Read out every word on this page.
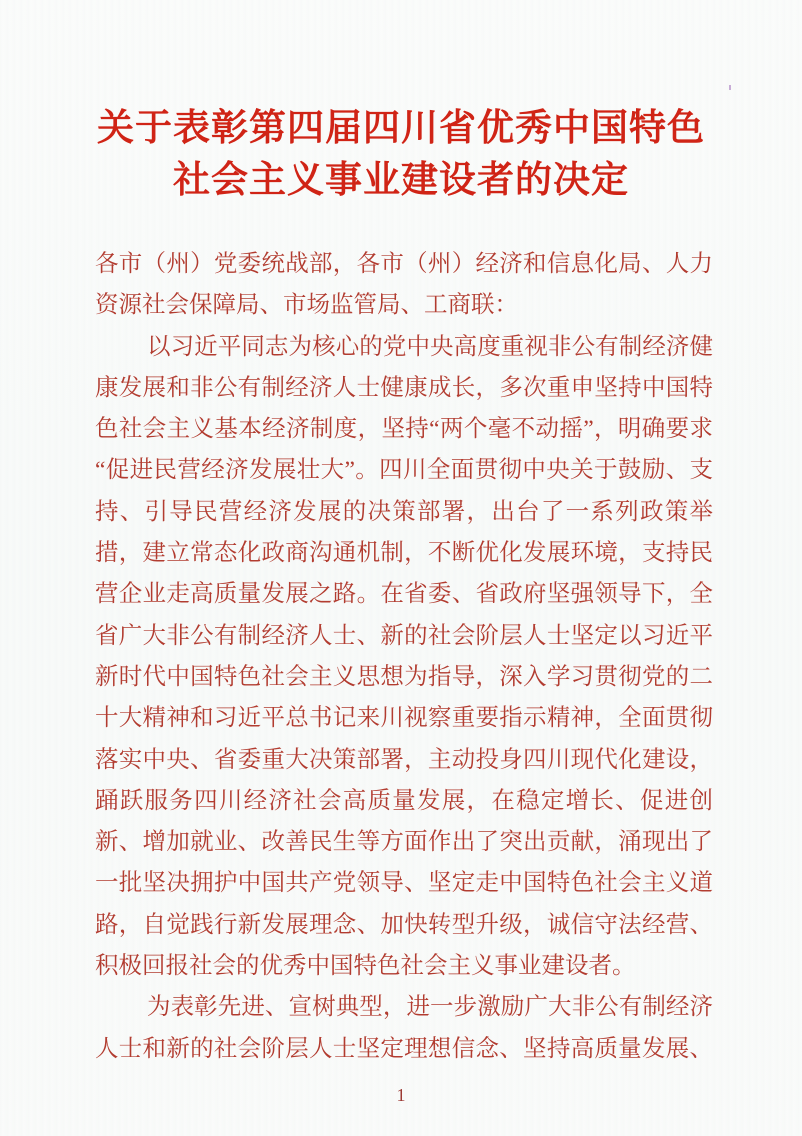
关于表彰第四届四川省优秀中国特色
社会主义事业建设者的决定
各市（州）党委统战部，各市（州）经济和信息化局、人力
资源社会保障局、市场监管局、工商联：
以习近平同志为核心的党中央高度重视非公有制经济健
康发展和非公有制经济人士健康成长，多次重申坚持中国特
色社会主义基本经济制度，坚持“两个毫不动摇”，明确要求
“促进民营经济发展壮大”。四川全面贯彻中央关于鼓励、支
持、引导民营经济发展的决策部署，出台了一系列政策举
措，建立常态化政商沟通机制，不断优化发展环境，支持民
营企业走高质量发展之路。在省委、省政府坚强领导下，全
省广大非公有制经济人士、新的社会阶层人士坚定以习近平
新时代中国特色社会主义思想为指导，深入学习贯彻党的二
十大精神和习近平总书记来川视察重要指示精神，全面贯彻
落实中央、省委重大决策部署，主动投身四川现代化建设，
踊跃服务四川经济社会高质量发展，在稳定增长、促进创
新、增加就业、改善民生等方面作出了突出贡献，涌现出了
一批坚决拥护中国共产党领导、坚定走中国特色社会主义道
路，自觉践行新发展理念、加快转型升级，诚信守法经营、
积极回报社会的优秀中国特色社会主义事业建设者。
为表彰先进、宣树典型，进一步激励广大非公有制经济
人士和新的社会阶层人士坚定理想信念、坚持高质量发展、
1
